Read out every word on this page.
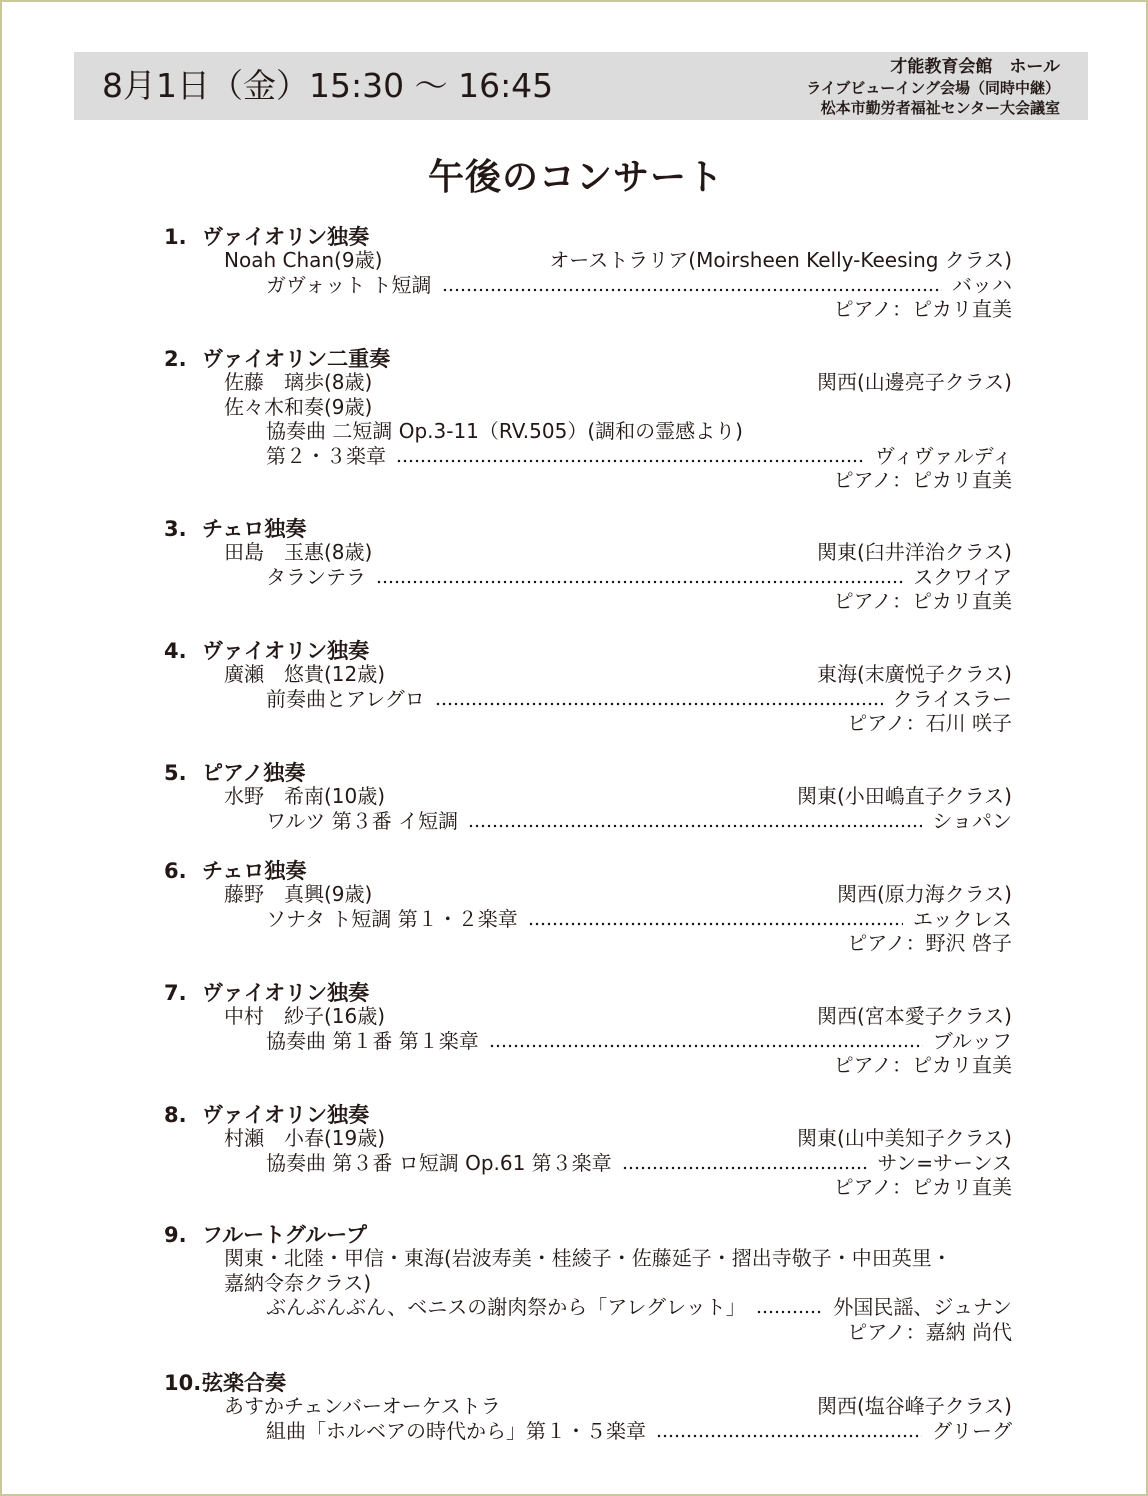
8月1日（金）15:30 ～ 16:45	才能教育会館　ホール
ライブビューイング会場（同時中継）
松本市勤労者福祉センター大会議室
午後のコンサート
1. ヴァイオリン独奏
Noah Chan(9歳)	オーストラリア(Moirsheen Kelly-Keesing クラス)
ガヴォット ト短調	バッハ
ピアノ：ピカリ直美
2. ヴァイオリン二重奏
佐藤　璃歩(8歳)	関西(山邊亮子クラス)
佐々木和奏(9歳)
協奏曲 二短調 Op.3-11（RV.505）(調和の霊感より)
第２・３楽章	ヴィヴァルディ
ピアノ：ピカリ直美
3. チェロ独奏
田島　玉惠(8歳)	関東(臼井洋治クラス)
タランテラ	スクワイア
ピアノ：ピカリ直美
4. ヴァイオリン独奏
廣瀬　悠貴(12歳)	東海(末廣悦子クラス)
前奏曲とアレグロ	クライスラー
ピアノ：石川 咲子
5. ピアノ独奏
水野　希南(10歳)	関東(小田嶋直子クラス)
ワルツ 第３番 イ短調	ショパン
6. チェロ独奏
藤野　真興(9歳)	関西(原力海クラス)
ソナタ ト短調 第１・２楽章	エックレス
ピアノ：野沢 啓子
7. ヴァイオリン独奏
中村　紗子(16歳)	関西(宮本愛子クラス)
協奏曲 第１番 第１楽章	ブルッフ
ピアノ：ピカリ直美
8. ヴァイオリン独奏
村瀬　小春(19歳)	関東(山中美知子クラス)
協奏曲 第３番 ロ短調 Op.61 第３楽章	サン=サーンス
ピアノ：ピカリ直美
9. フルートグループ
関東・北陸・甲信・東海(岩波寿美・桂綾子・佐藤延子・摺出寺敬子・中田英里・
嘉納令奈クラス)
ぶんぶんぶん、ベニスの謝肉祭から「アレグレット」	外国民謡、ジュナン
ピアノ：嘉納 尚代
10.弦楽合奏
あすかチェンバーオーケストラ	関西(塩谷峰子クラス)
組曲「ホルベアの時代から」第１・５楽章	グリーグ
